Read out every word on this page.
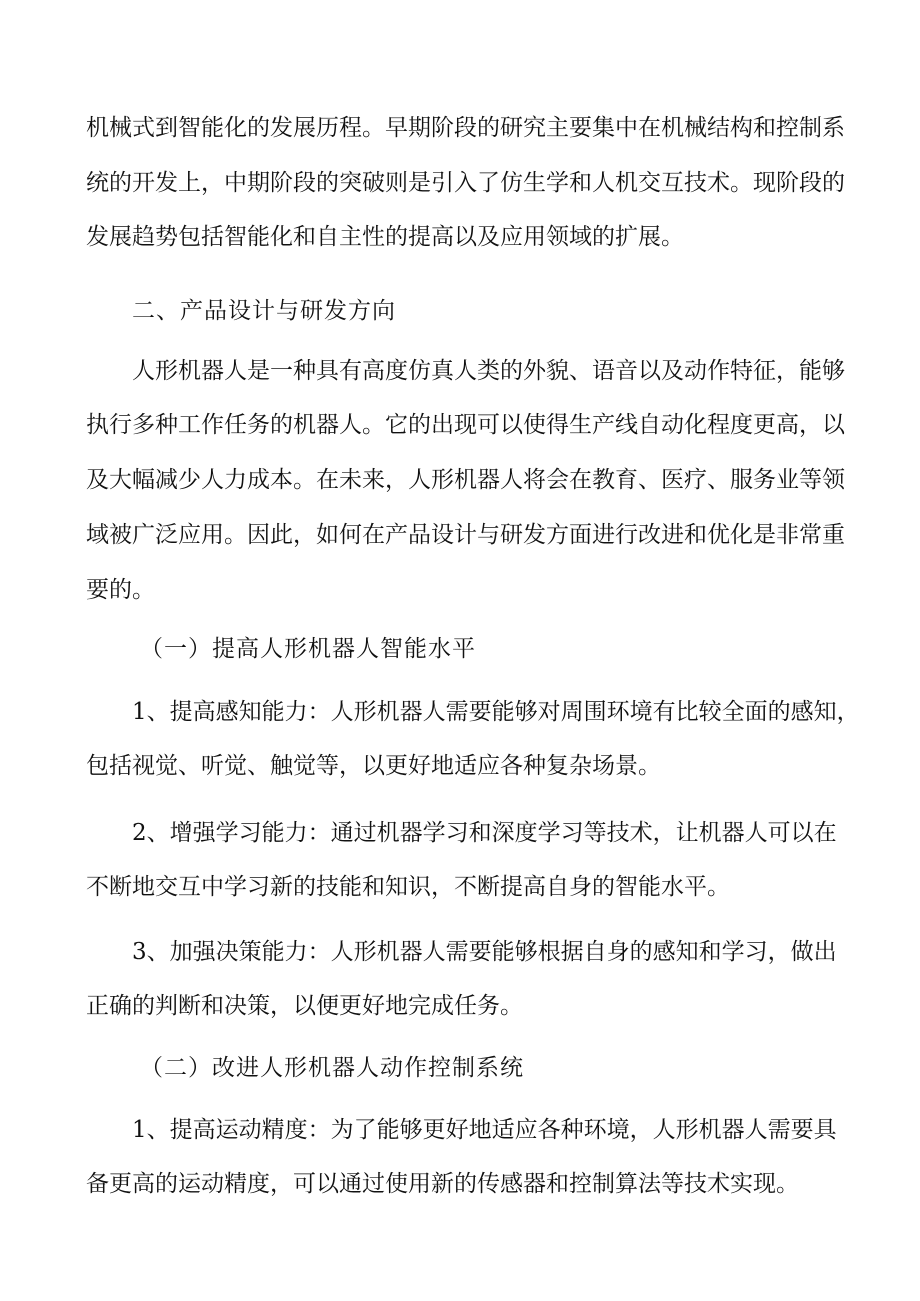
机械式到智能化的发展历程。早期阶段的研究主要集中在机械结构和控制系
统的开发上，中期阶段的突破则是引入了仿生学和人机交互技术。现阶段的
发展趋势包括智能化和自主性的提高以及应用领域的扩展。
二、产品设计与研发方向
人形机器人是一种具有高度仿真人类的外貌、语音以及动作特征，能够
执行多种工作任务的机器人。它的出现可以使得生产线自动化程度更高，以
及大幅减少人力成本。在未来，人形机器人将会在教育、医疗、服务业等领
域被广泛应用。因此，如何在产品设计与研发方面进行改进和优化是非常重
要的。
（一）提高人形机器人智能水平
1、提高感知能力：人形机器人需要能够对周围环境有比较全面的感知，
包括视觉、听觉、触觉等，以更好地适应各种复杂场景。
2、增强学习能力：通过机器学习和深度学习等技术，让机器人可以在
不断地交互中学习新的技能和知识，不断提高自身的智能水平。
3、加强决策能力：人形机器人需要能够根据自身的感知和学习，做出
正确的判断和决策，以便更好地完成任务。
（二）改进人形机器人动作控制系统
1、提高运动精度：为了能够更好地适应各种环境，人形机器人需要具
备更高的运动精度，可以通过使用新的传感器和控制算法等技术实现。
